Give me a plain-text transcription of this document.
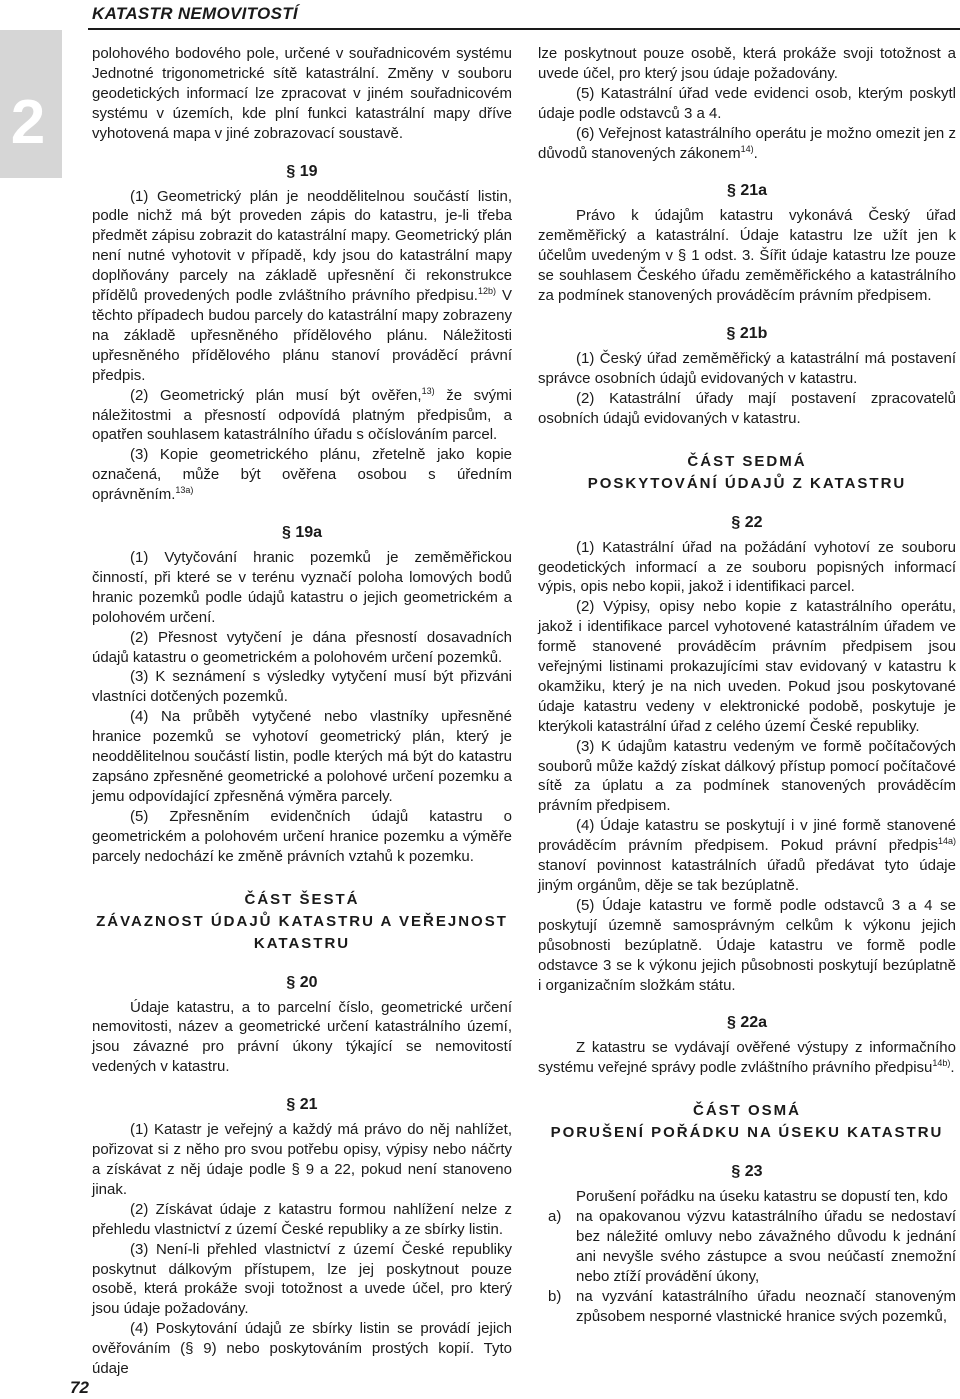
KATASTR NEMOVITOSTÍ
2

polohového bodového pole, určené v souřadnicovém systému Jednotné trigonometrické sítě katastrální. Změny v souboru geodetických informací lze zpracovat v jiném souřadnicovém systému v územích, kde plní funkci katastrální mapy dříve vyhotovená mapa v jiné zobrazovací soustavě.

§ 19

(1) Geometrický plán je neoddělitelnou součástí listin, podle nichž má být proveden zápis do katastru, je-li třeba předmět zápisu zobrazit do katastrální mapy. Geometrický plán není nutné vyhotovit v případě, kdy jsou do katastrální mapy doplňovány parcely na základě upřesnění či rekonstrukce přídělů provedených podle zvláštního právního předpisu.$^{12b)}$ V těchto případech budou parcely do katastrální mapy zobrazeny na základě upřesněného přídělového plánu. Náležitosti upřesněného přídělového plánu stanoví prováděcí právní předpis.

(2) Geometrický plán musí být ověřen,$^{13)}$ že svými náležitostmi a přesností odpovídá platným předpisům, a opatřen souhlasem katastrálního úřadu s očíslováním parcel.

(3) Kopie geometrického plánu, zřetelně jako kopie označená, může být ověřena osobou s úředním oprávněním.$^{13a)}$

§ 19a

(1) Vytyčování hranic pozemků je zeměměřickou činností, při které se v terénu vyznačí poloha lomových bodů hranic pozemků podle údajů katastru o jejich geometrickém a polohovém určení.

(2) Přesnost vytyčení je dána přesností dosavadních údajů katastru o geometrickém a polohovém určení pozemků.

(3) K seznámení s výsledky vytyčení musí být přizváni vlastníci dotčených pozemků.

(4) Na průběh vytyčené nebo vlastníky upřesněné hranice pozemků se vyhotoví geometrický plán, který je neoddělitelnou součástí listin, podle kterých má být do katastru zapsáno zpřesněné geometrické a polohové určení pozemku a jemu odpovídající zpřesněná výměra parcely.

(5) Zpřesněním evidenčních údajů katastru o geometrickém a polohovém určení hranice pozemku a výměře parcely nedochází ke změně právních vztahů k pozemku.

ČÁST ŠESTÁ
ZÁVAZNOST ÚDAJŮ KATASTRU A VEŘEJNOST KATASTRU
§ 20

Údaje katastru, a to parcelní číslo, geometrické určení nemovitosti, název a geometrické určení katastrálního území, jsou závazné pro právní úkony týkající se nemovitostí vedených v katastru.

§ 21

(1) Katastr je veřejný a každý má právo do něj nahlížet, pořizovat si z něho pro svou potřebu opisy, výpisy nebo náčrty a získávat z něj údaje podle § 9 a 22, pokud není stanoveno jinak.

(2) Získávat údaje z katastru formou nahlížení nelze z přehledu vlastnictví z území České republiky a ze sbírky listin.

(3) Není-li přehled vlastnictví z území České republiky poskytnut dálkovým přístupem, lze jej poskytnout pouze osobě, která prokáže svoji totožnost a uvede účel, pro který jsou údaje požadovány.

(4) Poskytování údajů ze sbírky listin se provádí jejich ověřováním (§ 9) nebo poskytováním prostých kopií. Tyto údaje

lze poskytnout pouze osobě, která prokáže svoji totožnost a uvede účel, pro který jsou údaje požadovány.

(5) Katastrální úřad vede evidenci osob, kterým poskytl údaje podle odstavců 3 a 4.

(6) Veřejnost katastrálního operátu je možno omezit jen z důvodů stanovených zákonem$^{14)}$.

§ 21a

Právo k údajům katastru vykonává Český úřad zeměměřický a katastrální. Údaje katastru lze užít jen k účelům uvedeným v § 1 odst. 3. Šířit údaje katastru lze pouze se souhlasem Českého úřadu zeměměřického a katastrálního za podmínek stanovených prováděcím právním předpisem.

§ 21b

(1) Český úřad zeměměřický a katastrální má postavení správce osobních údajů evidovaných v katastru.

(2) Katastrální úřady mají postavení zpracovatelů osobních údajů evidovaných v katastru.

ČÁST SEDMÁ
POSKYTOVÁNÍ ÚDAJŮ Z KATASTRU
§ 22

(1) Katastrální úřad na požádání vyhotoví ze souboru geodetických informací a ze souboru popisných informací výpis, opis nebo kopii, jakož i identifikaci parcel.

(2) Výpisy, opisy nebo kopie z katastrálního operátu, jakož i identifikace parcel vyhotovené katastrálním úřadem ve formě stanovené prováděcím právním předpisem jsou veřejnými listinami prokazujícími stav evidovaný v katastru k okamžiku, který je na nich uveden. Pokud jsou poskytované údaje katastru vedeny v elektronické podobě, poskytuje je kterýkoli katastrální úřad z celého území České republiky.

(3) K údajům katastru vedeným ve formě počítačových souborů může každý získat dálkový přístup pomocí počítačové sítě za úplatu a za podmínek stanovených prováděcím právním předpisem.

(4) Údaje katastru se poskytují i v jiné formě stanovené prováděcím právním předpisem. Pokud právní předpis$^{14a)}$ stanoví povinnost katastrálních úřadů předávat tyto údaje jiným orgánům, děje se tak bezúplatně.

(5) Údaje katastru ve formě podle odstavců 3 a 4 se poskytují územně samosprávným celkům k výkonu jejich působnosti bezúplatně. Údaje katastru ve formě podle odstavce 3 se k výkonu jejich působnosti poskytují bezúplatně i organizačním složkám státu.

§ 22a

Z katastru se vydávají ověřené výstupy z informačního systému veřejné správy podle zvláštního právního předpisu$^{14b)}$.

ČÁST OSMÁ
PORUŠENÍ POŘÁDKU NA ÚSEKU KATASTRU
§ 23

Porušení pořádku na úseku katastru se dopustí ten, kdo

a) na opakovanou výzvu katastrálního úřadu se nedostaví bez náležité omluvy nebo závažného důvodu k jednání ani nevyšle svého zástupce a svou neúčastí znemožní nebo ztíží provádění úkony,
b) na vyzvání katastrálního úřadu neoznačí stanoveným způsobem nesporné vlastnické hranice svých pozemků,
72
